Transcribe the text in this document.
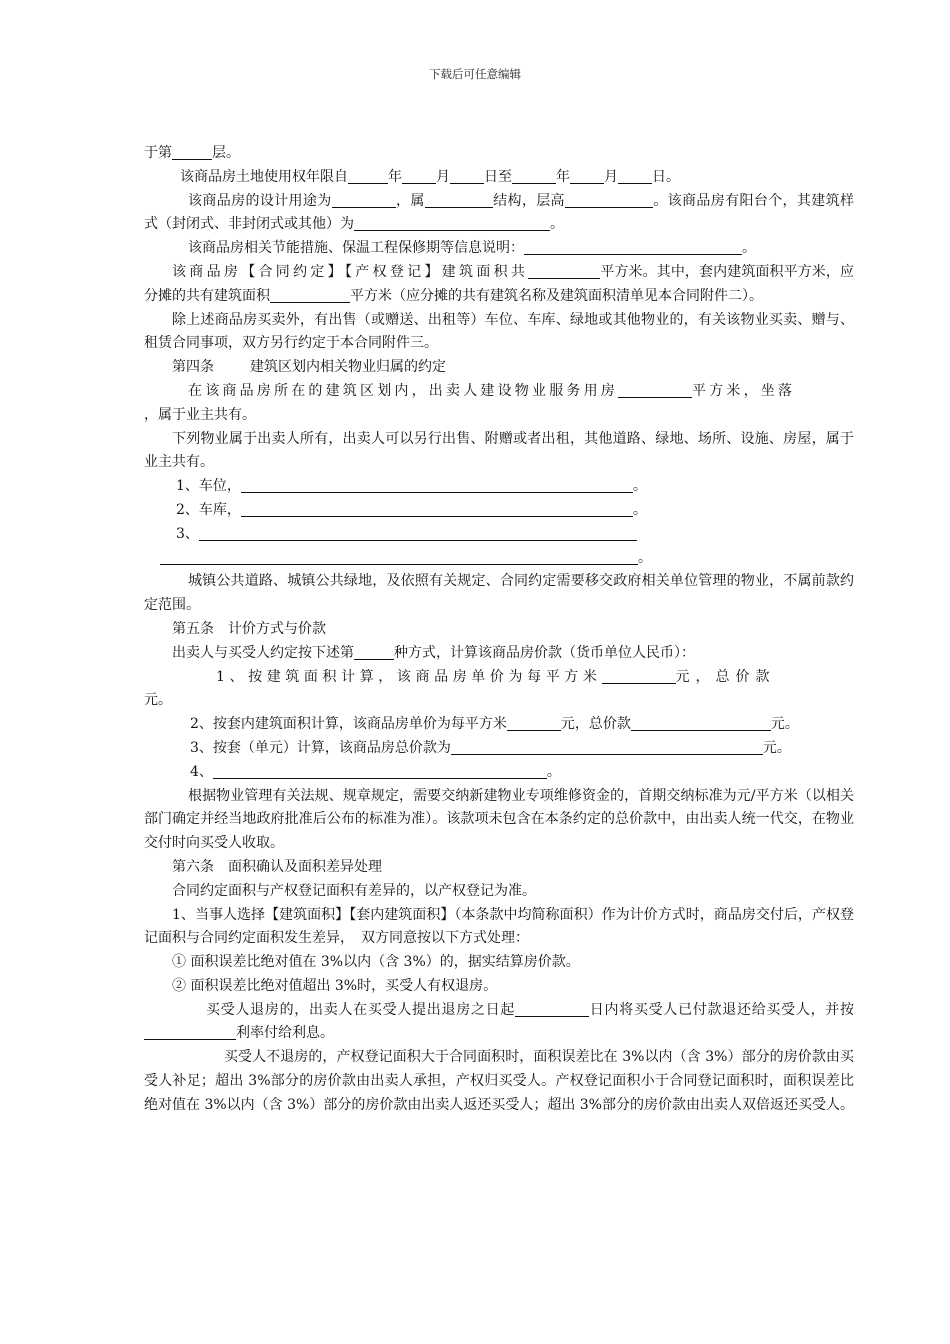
下载后可任意编辑

于第	层。

该商品房土地使用权年限自	年 月 日至	年 月 日。

该商品房的设计用途为	，属	结构，层高	。该商品房有阳台个，其建筑样式（封闭式、非封闭式或其他）为	。

该商品房相关节能措施、保温工程保修期等信息说明：	。

该商品房【合同约定】【产权登记】建筑面积共	平方米。其中，套内建筑面积平方米，应分摊的共有建筑面积	平方米（应分摊的共有建筑名称及建筑面积清单见本合同附件二）。

除上述商品房买卖外，有出售（或赠送、出租等）车位、车库、绿地或其他物业的，有关该物业买卖、赠与、租赁合同事项，双方另行约定于本合同附件三。

第四条	建筑区划内相关物业归属的约定

在该商品房所在的建筑区划内，出卖人建设物业服务用房	平方米，坐落
，属于业主共有。

下列物业属于出卖人所有，出卖人可以另行出售、附赠或者出租，其他道路、绿地、场所、设施、房屋，属于业主共有。

1、车位，	。

2、车库，	。

3、

。

城镇公共道路、城镇公共绿地，及依照有关规定、合同约定需要移交政府相关单位管理的物业，不属前款约定范围。

第五条　计价方式与价款

出卖人与买受人约定按下述第	种方式，计算该商品房价款（货币单位人民币）：

1、按建筑面积计算，该商品房单价为每平方米	元，总价款
元。

2、按套内建筑面积计算，该商品房单价为每平方米	元，总价款	元。

3、按套（单元）计算，该商品房总价款为	元。

4、	。

根据物业管理有关法规、规章规定，需要交纳新建物业专项维修资金的，首期交纳标准为元/平方米（以相关部门确定并经当地政府批准后公布的标准为准）。该款项未包含在本条约定的总价款中，由出卖人统一代交，在物业交付时向买受人收取。

第六条　面积确认及面积差异处理

合同约定面积与产权登记面积有差异的，以产权登记为准。

1、当事人选择【建筑面积】【套内建筑面积】（本条款中均简称面积）作为计价方式时，商品房交付后，产权登记面积与合同约定面积发生差异，　双方同意按以下方式处理：

① 面积误差比绝对值在 3%以内（含 3%）的，据实结算房价款。

② 面积误差比绝对值超出 3%时，买受人有权退房。

买受人退房的，出卖人在买受人提出退房之日起	日内将买受人已付款退还给买受人，并按利率付给利息。

买受人不退房的，产权登记面积大于合同面积时，面积误差比在 3%以内（含 3%）部分的房价款由买受人补足；超出 3%部分的房价款由出卖人承担，产权归买受人。产权登记面积小于合同登记面积时，面积误差比绝对值在 3%以内（含 3%）部分的房价款由出卖人返还买受人；超出 3%部分的房价款由出卖人双倍返还买受人。
